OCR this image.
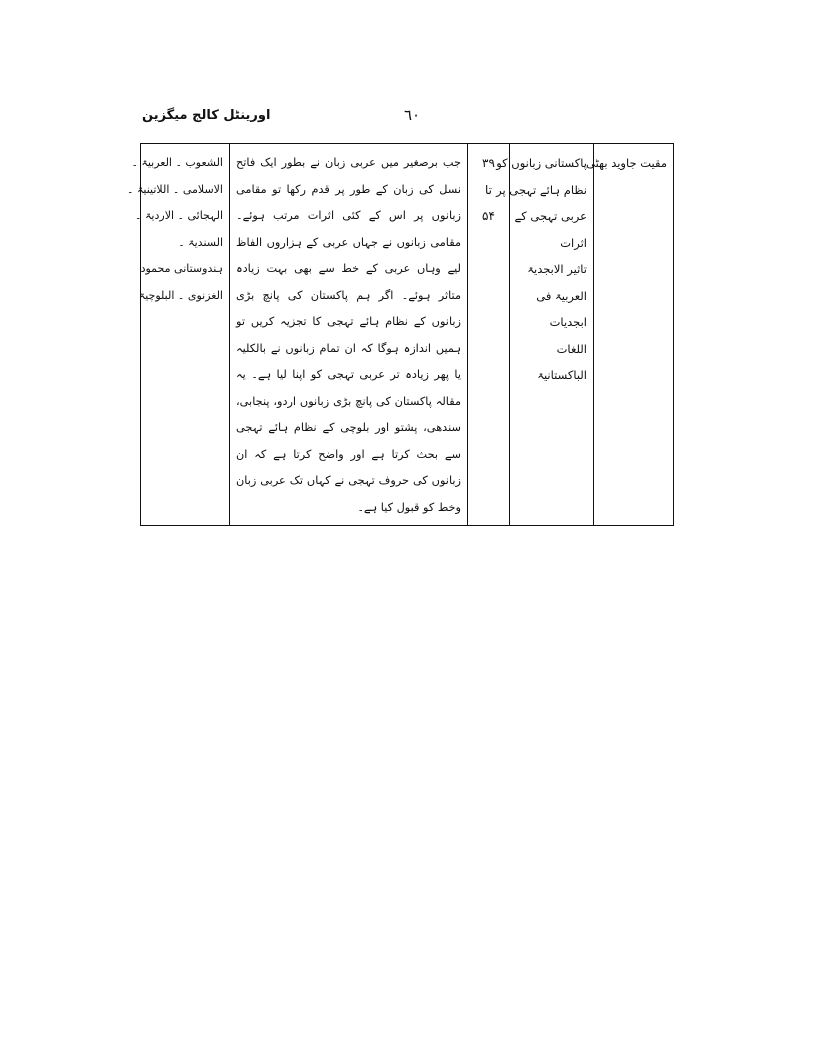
٦٠
اورینٹل کالج میگزین
مقیت جاوید بھٹی

پاکستانی زبانوں کو
نظام ہائے تہجی پر
عربی تہجی کے
اثرات
تاثیر الابجدیۃ
العربیۃ فی
ابجدیات
اللغات
الباکستانیۃ

۳۹
تا
۵۴

جب برصغیر میں عربی زبان نے بطور ایک فاتح نسل کی زبان کے طور پر قدم رکھا تو مقامی زبانوں پر اس کے کئی اثرات مرتب ہوئے۔ مقامی زبانوں نے جہاں عربی کے ہزاروں الفاظ لیے وہاں عربی کے خط سے بھی بہت زیادہ متاثر ہوئے۔ اگر ہم پاکستان کی پانچ بڑی زبانوں کے نظام ہائے تہجی کا تجزیہ کریں تو ہمیں اندازہ ہوگا کہ ان تمام زبانوں نے بالکلیہ یا پھر زیادہ تر عربی تہجی کو اپنا لیا ہے۔ یہ مقالہ پاکستان کی پانچ بڑی زبانوں اردو، پنجابی، سندھی، پشتو اور بلوچی کے نظام ہائے تہجی سے بحث کرتا ہے اور واضح کرتا ہے کہ ان زبانوں کی حروف تہجی نے کہاں تک عربی زبان وخط کو قبول کیا ہے۔

الشعوب ۔ العربیۃ ۔
الاسلامی ۔ اللاتینیۃ ۔
الہجائی ۔ الاردیۃ ۔
السندیۃ ۔
ہندوستانی محمود
الغزنوی ۔ البلوچیۃ
